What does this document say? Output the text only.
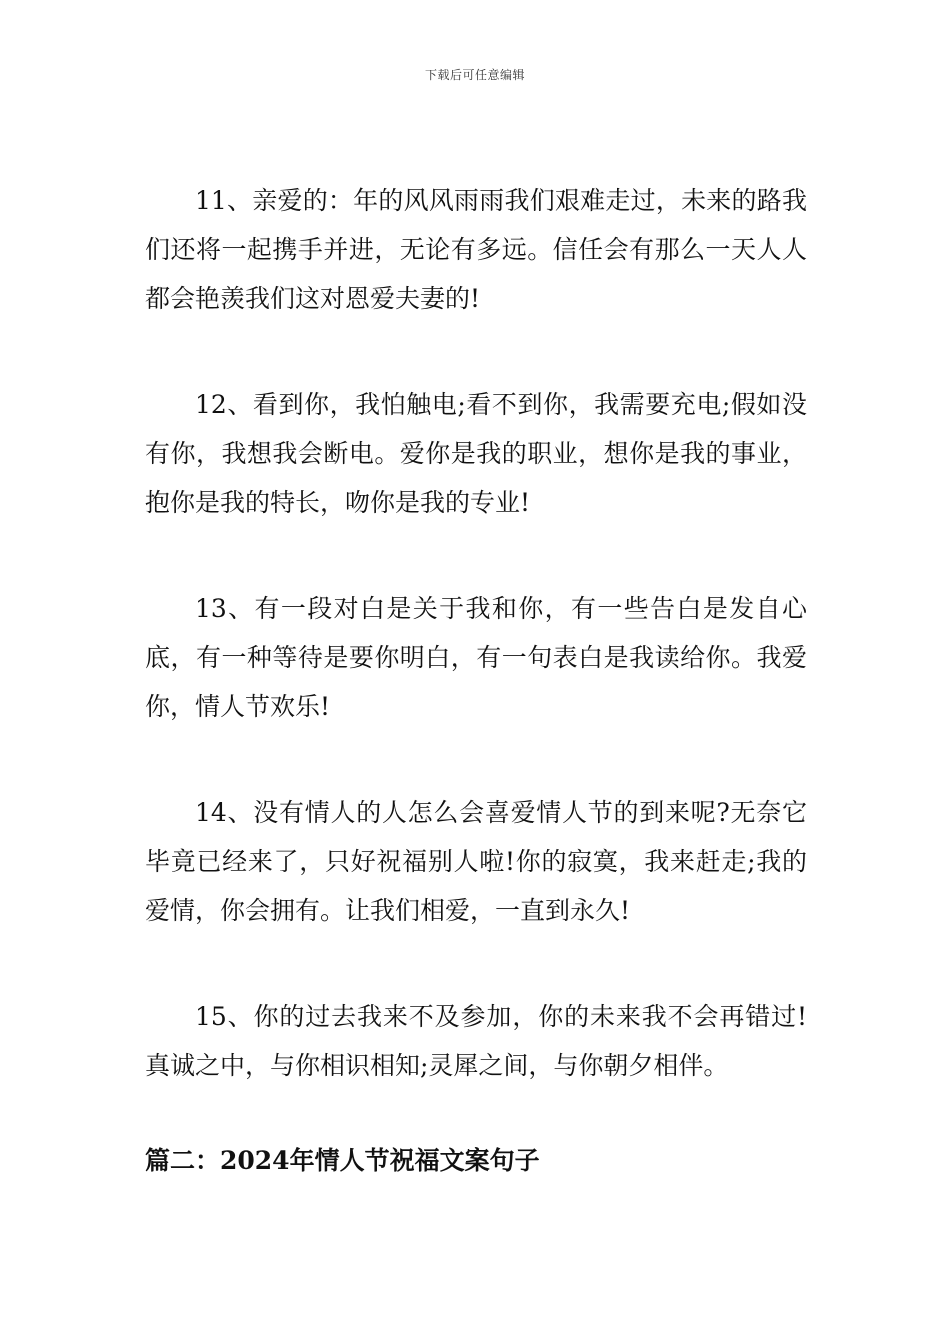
下载后可任意编辑

11、亲爱的：年的风风雨雨我们艰难走过，未来的路我们还将一起携手并进，无论有多远。信任会有那么一天人人都会艳羡我们这对恩爱夫妻的!

12、看到你，我怕触电;看不到你，我需要充电;假如没有你，我想我会断电。爱你是我的职业，想你是我的事业，抱你是我的特长，吻你是我的专业!

13、有一段对白是关于我和你，有一些告白是发自心底，有一种等待是要你明白，有一句表白是我读给你。我爱你，情人节欢乐!

14、没有情人的人怎么会喜爱情人节的到来呢?无奈它毕竟已经来了，只好祝福别人啦!你的寂寞，我来赶走;我的爱情，你会拥有。让我们相爱，一直到永久!

15、你的过去我来不及参加，你的未来我不会再错过!真诚之中，与你相识相知;灵犀之间，与你朝夕相伴。

篇二：2024年情人节祝福文案句子
